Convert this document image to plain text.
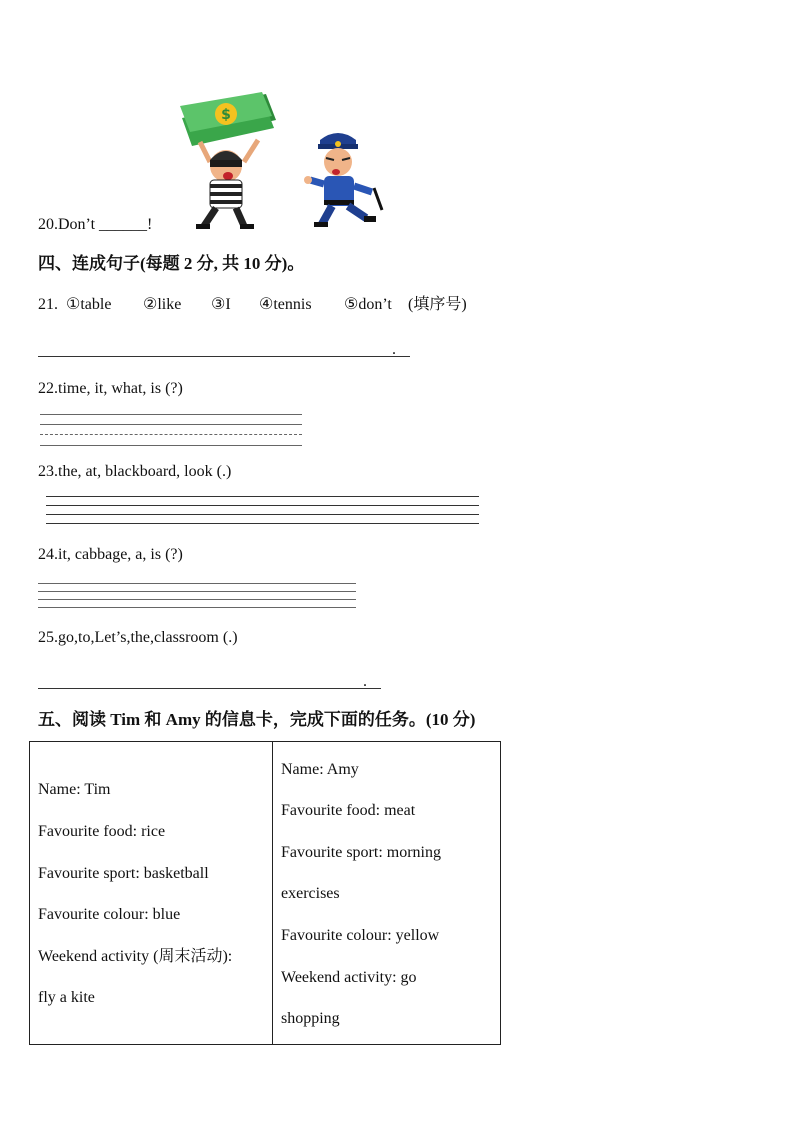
$
20.Don’t ______!
四、连成句子(每题 2 分, 共 10 分)。
21. ①table ②like ③I ④tennis ⑤don’t (填序号)
.
22.time, it, what, is (?)
23.the, at, blackboard, look (.)
24.it, cabbage, a, is (?)
25.go,to,Let’s,the,classroom (.)
.
五、阅读 Tim 和 Amy 的信息卡，完成下面的任务。(10 分)

Name: Tim

Favourite food: rice

Favourite sport: basketball

Favourite colour: blue

Weekend activity (周末活动):

fly a kite

Name: Amy

Favourite food: meat

Favourite sport: morning

exercises

Favourite colour: yellow

Weekend activity: go

shopping
